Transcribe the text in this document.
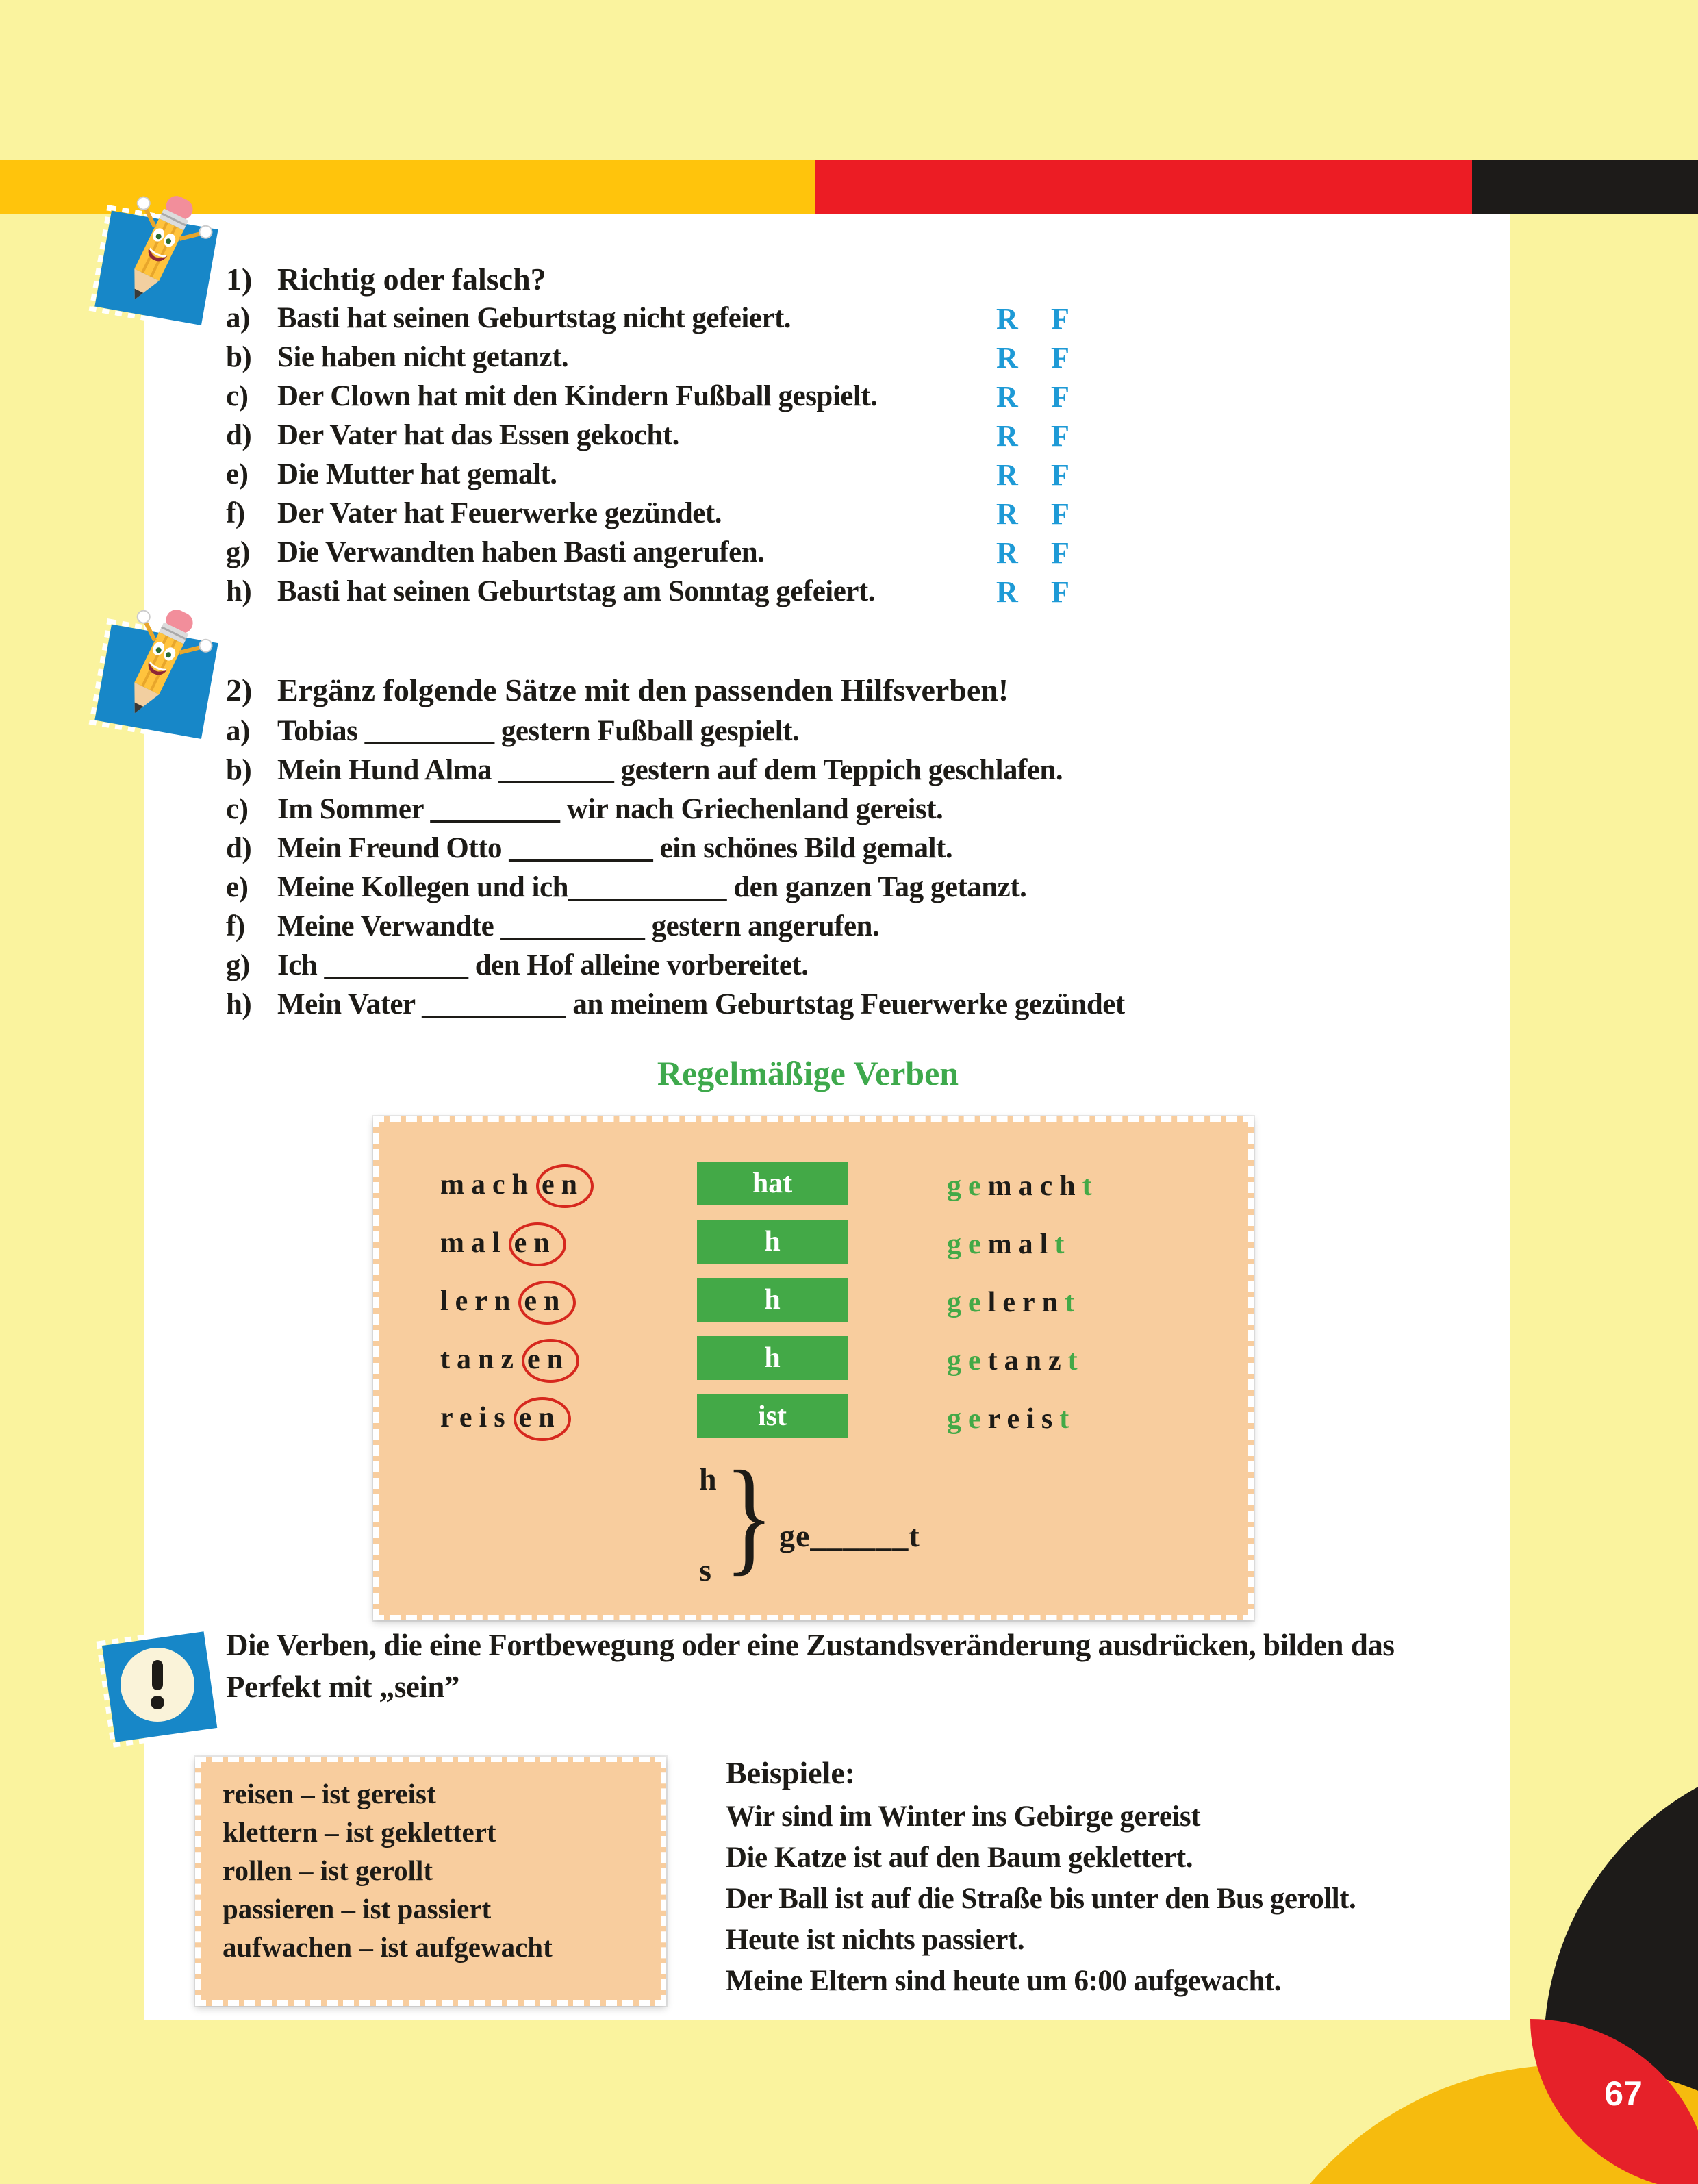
1) Richtig oder falsch?
a) Basti hat seinen Geburtstag nicht gefeiert.	R F
b) Sie haben nicht getanzt.	R F
c) Der Clown hat mit den Kindern Fußball gespielt.	R F
d) Der Vater hat das Essen gekocht.	R F
e) Die Mutter hat gemalt.	R F
f) Der Vater hat Feuerwerke gezündet.	R F
g) Die Verwandten haben Basti angerufen.	R F
h) Basti hat seinen Geburtstag am Sonntag gefeiert.	R F
2) Ergänz folgende Sätze mit den passenden Hilfsverben!
a) Tobias _________ gestern Fußball gespielt.
b) Mein Hund Alma ________ gestern auf dem Teppich geschlafen.
c) Im Sommer _________ wir nach Griechenland gereist.
d) Mein Freund Otto __________ ein schönes Bild gemalt.
e) Meine Kollegen und ich___________ den ganzen Tag getanzt.
f) Meine Verwandte __________ gestern angerufen.
g) Ich __________ den Hof alleine vorbereitet.
h) Mein Vater __________ an meinem Geburtstag Feuerwerke gezündet
Regelmäßige Verben
mach en	hat	gemacht
mal en	h	gemalt
lern en	h	gelernt
tanz en	h	getanzt
reis en	ist	gereist
h
s } ge______t
Die Verben, die eine Fortbewegung oder eine Zustandsveränderung ausdrücken, bilden das Perfekt mit „sein”
reisen – ist gereist
klettern – ist geklettert
rollen – ist gerollt
passieren – ist passiert
aufwachen – ist aufgewacht
Beispiele:
Wir sind im Winter ins Gebirge gereist
Die Katze ist auf den Baum geklettert.
Der Ball ist auf die Straße bis unter den Bus gerollt.
Heute ist nichts passiert.
Meine Eltern sind heute um 6:00 aufgewacht.
67
